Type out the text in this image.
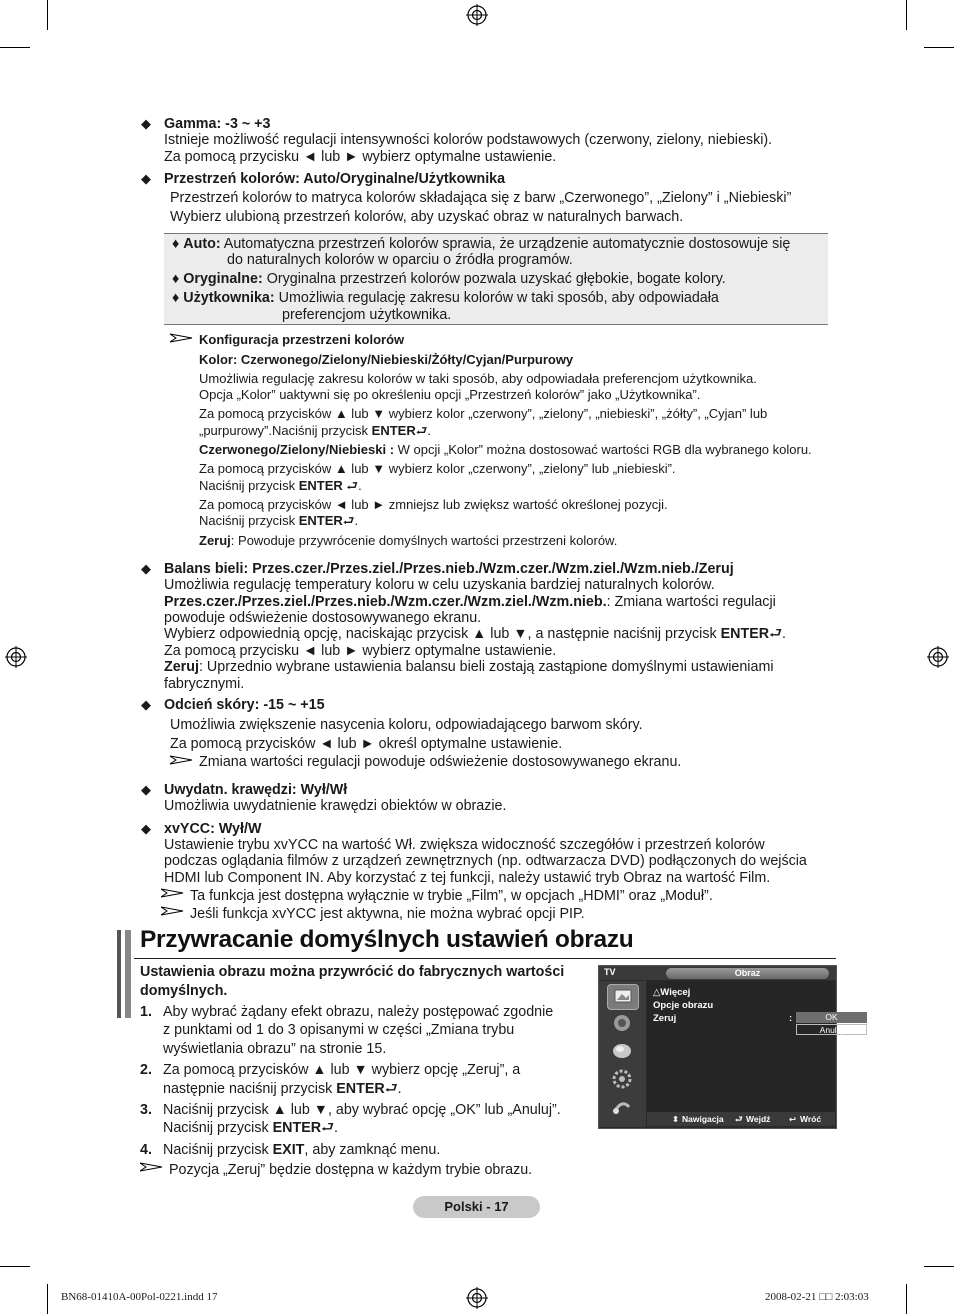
◆ Gamma: -3 ~ +3
Istnieje możliwość regulacji intensywności kolorów podstawowych (czerwony, zielony, niebieski).
Za pomocą przycisku ◄ lub ► wybierz optymalne ustawienie.
◆ Przestrzeń kolorów: Auto/Oryginalne/Użytkownika
Przestrzeń kolorów to matryca kolorów składająca się z barw „Czerwonego”, „Zielony” i „Niebieski”
Wybierz ulubioną przestrzeń kolorów, aby uzyskać obraz w naturalnych barwach.
♦ Auto: Automatyczna przestrzeń kolorów sprawia, że urządzenie automatycznie dostosowuje się
do naturalnych kolorów w oparciu o źródła programów.
♦ Oryginalne: Oryginalna przestrzeń kolorów pozwala uzyskać głębokie, bogate kolory.
♦ Użytkownika: Umożliwia regulację zakresu kolorów w taki sposób, aby odpowiadała
preferencjom użytkownika.
Konfiguracja przestrzeni kolorów
Kolor: Czerwonego/Zielony/Niebieski/Żółty/Cyjan/Purpurowy
Umożliwia regulację zakresu kolorów w taki sposób, aby odpowiadała preferencjom użytkownika.
Opcja „Kolor” uaktywni się po określeniu opcji „Przestrzeń kolorów” jako „Użytkownika”.
Za pomocą przycisków ▲ lub ▼ wybierz kolor „czerwony”, „zielony”, „niebieski”, „żółty”, „Cyjan” lub
„purpurowy”.Naciśnij przycisk ENTER⮐.
Czerwonego/Zielony/Niebieski : W opcji „Kolor” można dostosować wartości RGB dla wybranego koloru.
Za pomocą przycisków ▲ lub ▼ wybierz kolor „czerwony”, „zielony” lub „niebieski”.
Naciśnij przycisk ENTER ⮐.
Za pomocą przycisków ◄ lub ► zmniejsz lub zwiększ wartość określonej pozycji.
Naciśnij przycisk ENTER⮐.
Zeruj: Powoduje przywrócenie domyślnych wartości przestrzeni kolorów.
◆ Balans bieli: Przes.czer./Przes.ziel./Przes.nieb./Wzm.czer./Wzm.ziel./Wzm.nieb./Zeruj
Umożliwia regulację temperatury koloru w celu uzyskania bardziej naturalnych kolorów.
Przes.czer./Przes.ziel./Przes.nieb./Wzm.czer./Wzm.ziel./Wzm.nieb.: Zmiana wartości regulacji
powoduje odświeżenie dostosowywanego ekranu.
Wybierz odpowiednią opcję, naciskając przycisk ▲ lub ▼, a następnie naciśnij przycisk ENTER⮐.
Za pomocą przycisku ◄ lub ► wybierz optymalne ustawienie.
Zeruj: Uprzednio wybrane ustawienia balansu bieli zostają zastąpione domyślnymi ustawieniami
fabrycznymi.
◆ Odcień skóry: -15 ~ +15
Umożliwia zwiększenie nasycenia koloru, odpowiadającego barwom skóry.
Za pomocą przycisków ◄ lub ► określ optymalne ustawienie.
Zmiana wartości regulacji powoduje odświeżenie dostosowywanego ekranu.
◆ Uwydatn. krawędzi: Wył/Wł
Umożliwia uwydatnienie krawędzi obiektów w obrazie.
◆ xvYCC: Wył/W
Ustawienie trybu xvYCC na wartość Wł. zwiększa widoczność szczegółów i przestrzeń kolorów
podczas oglądania filmów z urządzeń zewnętrznych (np. odtwarzacza DVD) podłączonych do wejścia
HDMI lub Component IN. Aby korzystać z tej funkcji, należy ustawić tryb Obraz na wartość Film.
Ta funkcja jest dostępna wyłącznie w trybie „Film”, w opcjach „HDMI” oraz „Moduł”.
Jeśli funkcja xvYCC jest aktywna, nie można wybrać opcji PIP.
Przywracanie domyślnych ustawień obrazu
Ustawienia obrazu można przywrócić do fabrycznych wartości
domyślnych.
1. Aby wybrać żądany efekt obrazu, należy postępować zgodnie
z punktami od 1 do 3 opisanymi w części „Zmiana trybu
wyświetlania obrazu” na stronie 15.
2. Za pomocą przycisków ▲ lub ▼ wybierz opcję „Zeruj”, a
następnie naciśnij przycisk ENTER⮐.
3. Naciśnij przycisk ▲ lub ▼, aby wybrać opcję „OK” lub „Anuluj”.
Naciśnij przycisk ENTER⮐.
4. Naciśnij przycisk EXIT, aby zamknąć menu.
Pozycja „Zeruj” będzie dostępna w każdym trybie obrazu.
TV	Obraz
△Więcej
Opcje obrazu
Zeruj	:	OK
Anuluj
⬍ Nawigacja ⮐ Wejdź ↩ Wróć
Polski - 17
BN68-01410A-00Pol-0221.indd 17	2008-02-21 □□ 2:03:03
